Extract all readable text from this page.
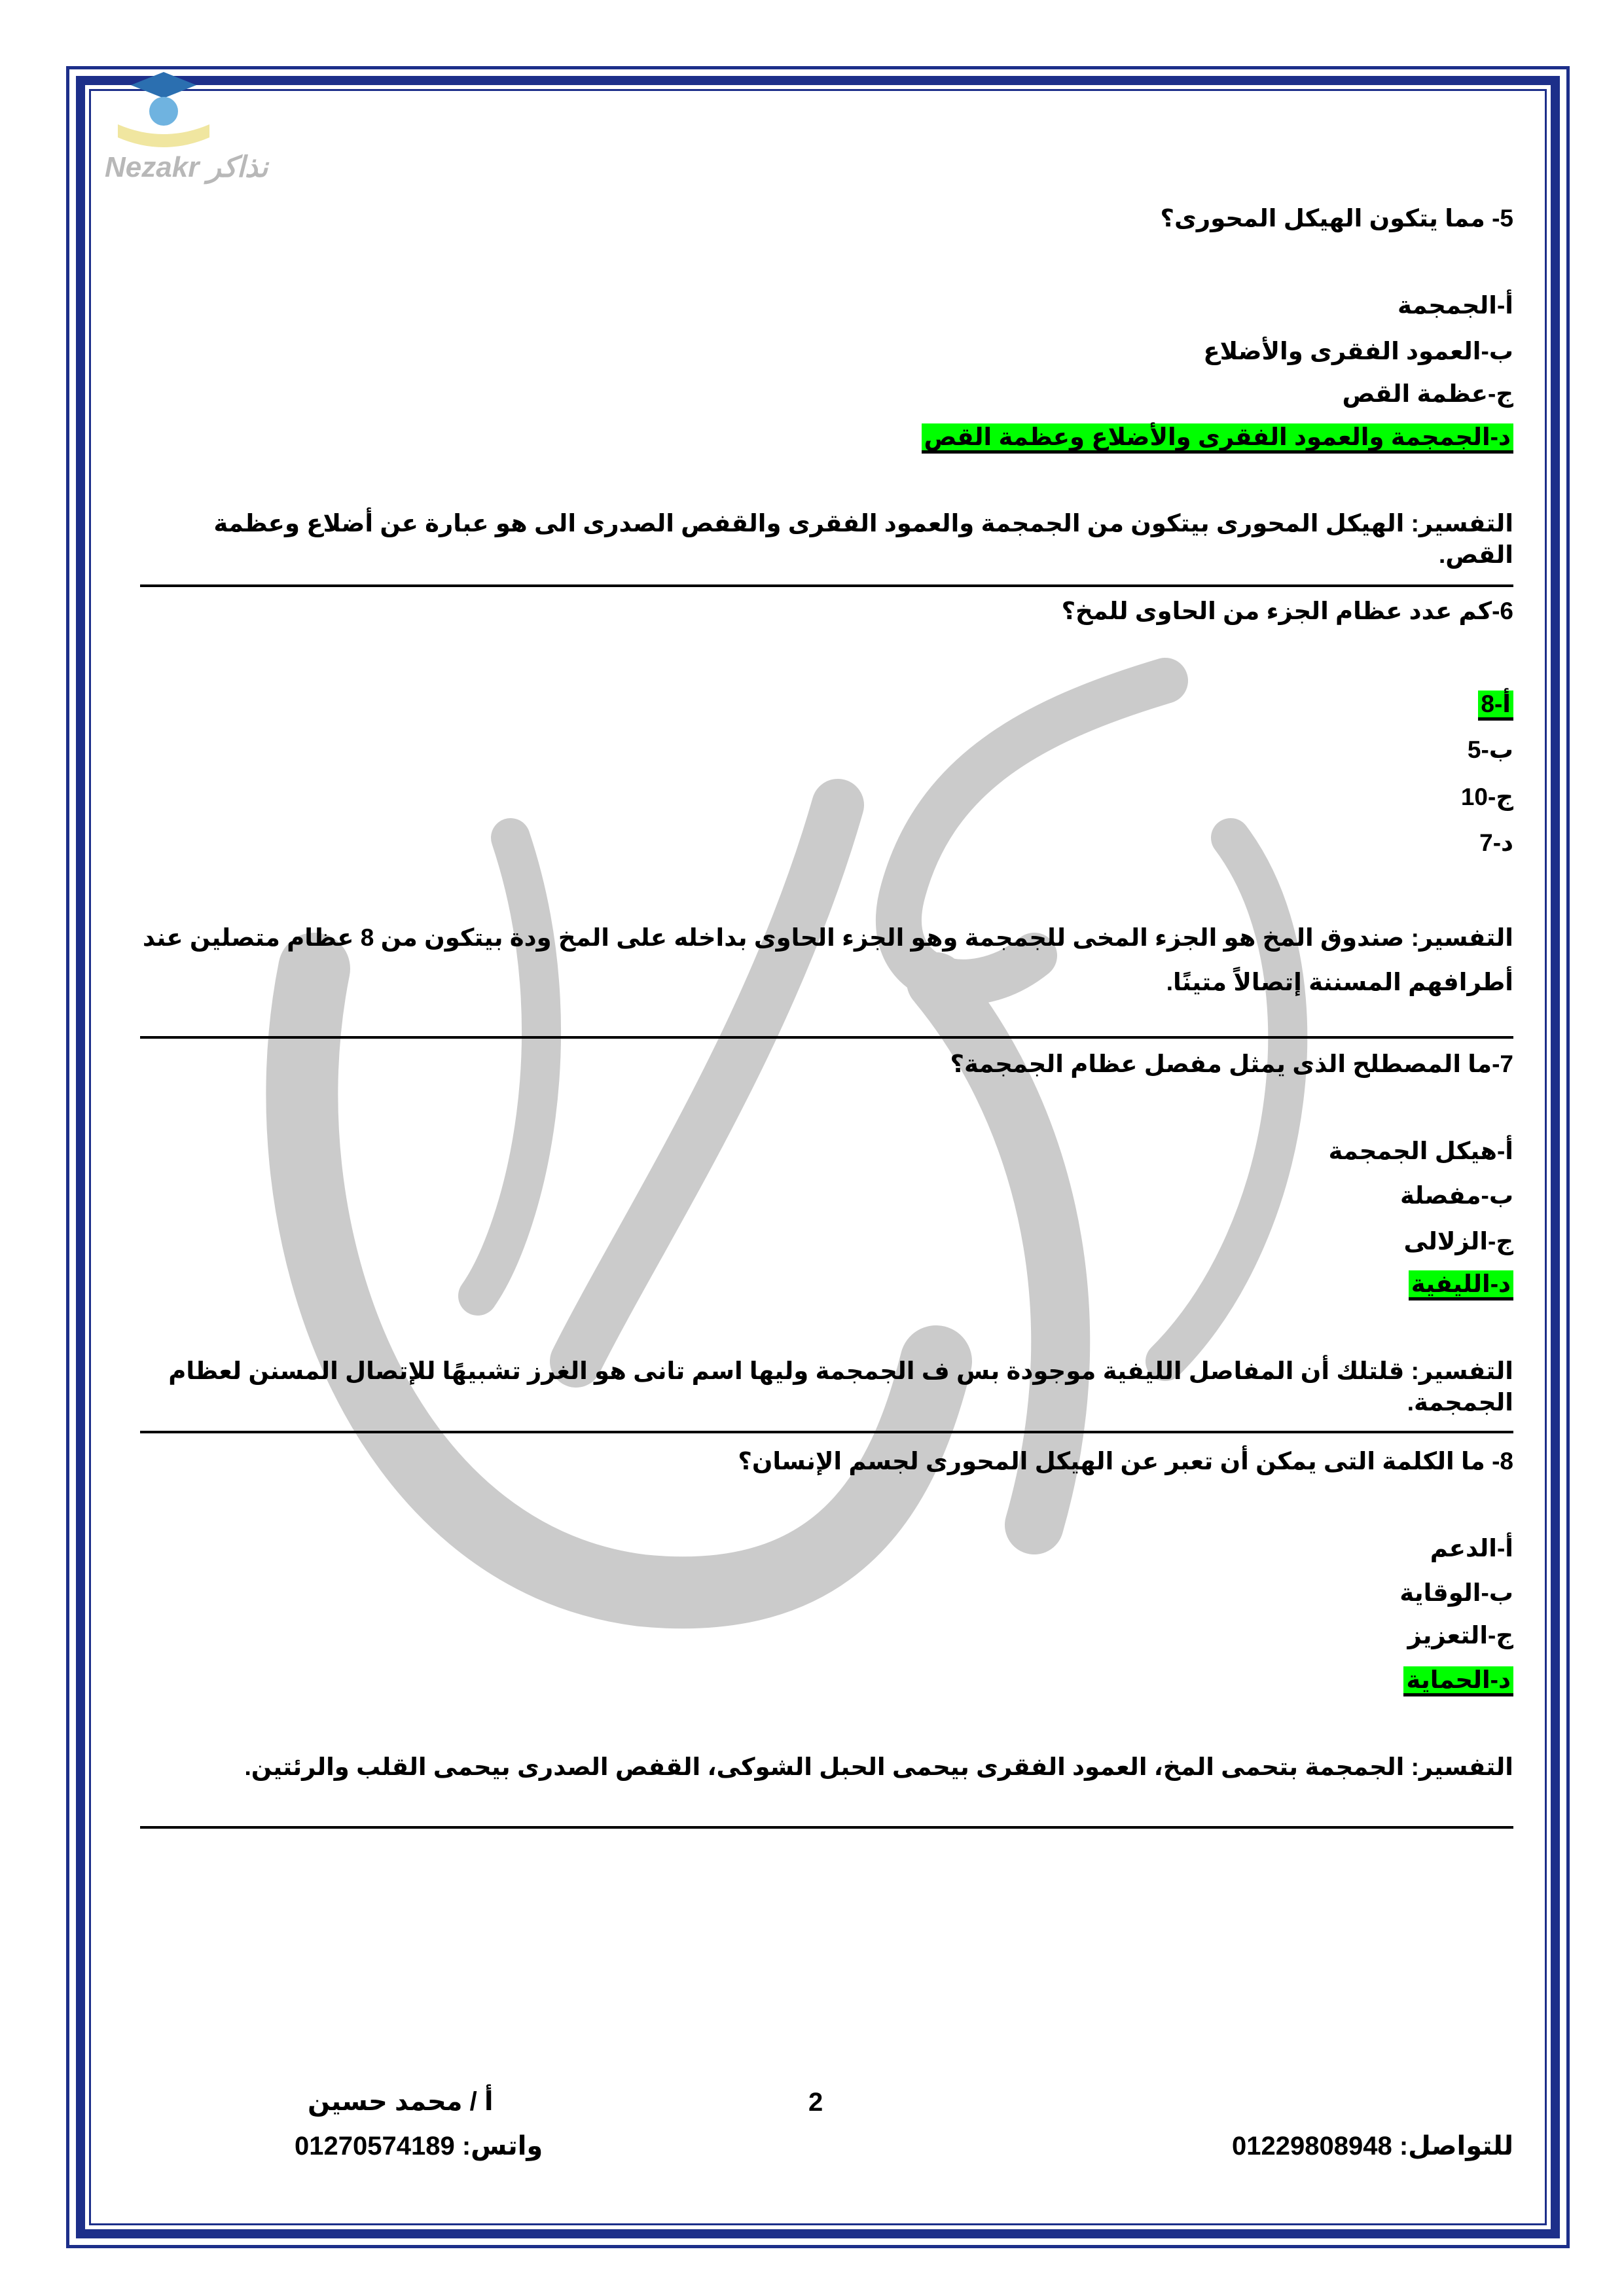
Nezakr نذاكر
5- مما يتكون الهيكل المحورى؟
أ-الجمجمة
ب-العمود الفقرى والأضلاع
ج-عظمة القص
د-الجمجمة والعمود الفقرى والأضلاع وعظمة القص
التفسير: الهيكل المحورى بيتكون من الجمجمة والعمود الفقرى والقفص الصدرى الى هو عبارة عن أضلاع وعظمة القص.
6-كم عدد عظام الجزء من الحاوى للمخ؟
أ-8
ب-5
ج-10
د-7
التفسير: صندوق المخ هو الجزء المخى للجمجمة وهو الجزء الحاوى بداخله على المخ ودة بيتكون من 8 عظام متصلين عند أطرافهم المسننة إتصالاً متينًا.
7-ما المصطلح الذى يمثل مفصل عظام الجمجمة؟
أ-هيكل الجمجمة
ب-مفصلة
ج-الزلالى
د-الليفية
التفسير: قلتلك أن المفاصل الليفية موجودة بس ف الجمجمة وليها اسم تانى هو الغرز تشبيهًا للإتصال المسنن لعظام الجمجمة.
8- ما الكلمة التى يمكن أن تعبر عن الهيكل المحورى لجسم الإنسان؟
أ-الدعم
ب-الوقاية
ج-التعزيز
د-الحماية
التفسير: الجمجمة بتحمى المخ، العمود الفقرى بيحمى الحبل الشوكى، القفص الصدرى بيحمى القلب والرئتين.
أ / محمد حسين	2
واتس: 01270574189	للتواصل: 01229808948
